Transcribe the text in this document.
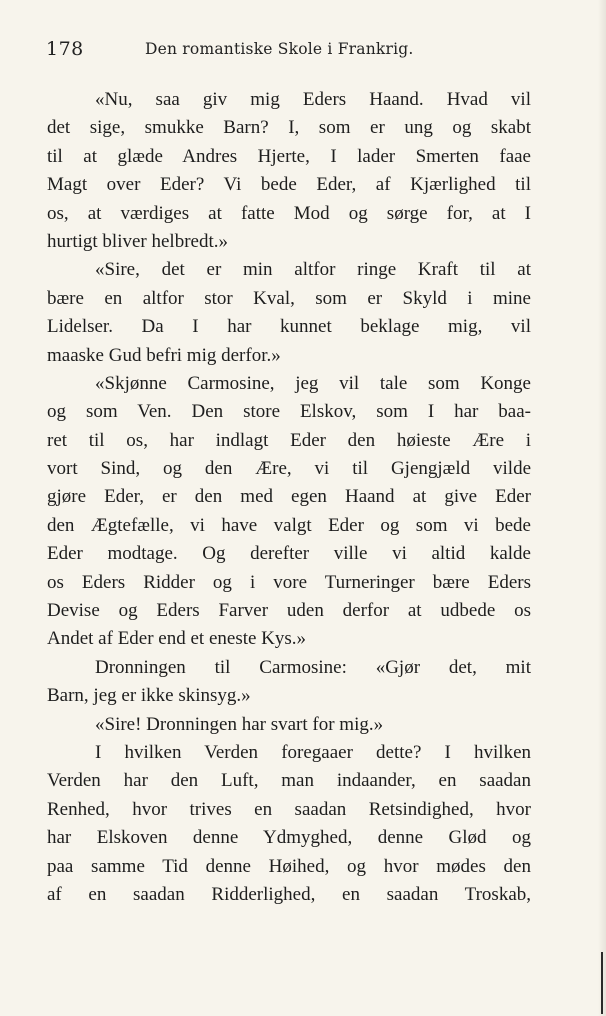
178	Den romantiske Skole i Frankrig.
«Nu, saa giv mig Eders Haand. Hvad vil
det sige, smukke Barn? I, som er ung og skabt
til at glæde Andres Hjerte, I lader Smerten faae
Magt over Eder? Vi bede Eder, af Kjærlighed til
os, at værdiges at fatte Mod og sørge for, at I
hurtigt bliver helbredt.»
«Sire, det er min altfor ringe Kraft til at
bære en altfor stor Kval, som er Skyld i mine
Lidelser. Da I har kunnet beklage mig, vil
maaske Gud befri mig derfor.»
«Skjønne Carmosine, jeg vil tale som Konge
og som Ven. Den store Elskov, som I har baa-
ret til os, har indlagt Eder den høieste Ære i
vort Sind, og den Ære, vi til Gjengjæld vilde
gjøre Eder, er den med egen Haand at give Eder
den Ægtefælle, vi have valgt Eder og som vi bede
Eder modtage. Og derefter ville vi altid kalde
os Eders Ridder og i vore Turneringer bære Eders
Devise og Eders Farver uden derfor at udbede os
Andet af Eder end et eneste Kys.»
Dronningen til Carmosine: «Gjør det, mit
Barn, jeg er ikke skinsyg.»
«Sire! Dronningen har svart for mig.»
I hvilken Verden foregaaer dette? I hvilken
Verden har den Luft, man indaander, en saadan
Renhed, hvor trives en saadan Retsindighed, hvor
har Elskoven denne Ydmyghed, denne Glød og
paa samme Tid denne Høihed, og hvor mødes den
af en saadan Ridderlighed, en saadan Troskab,
